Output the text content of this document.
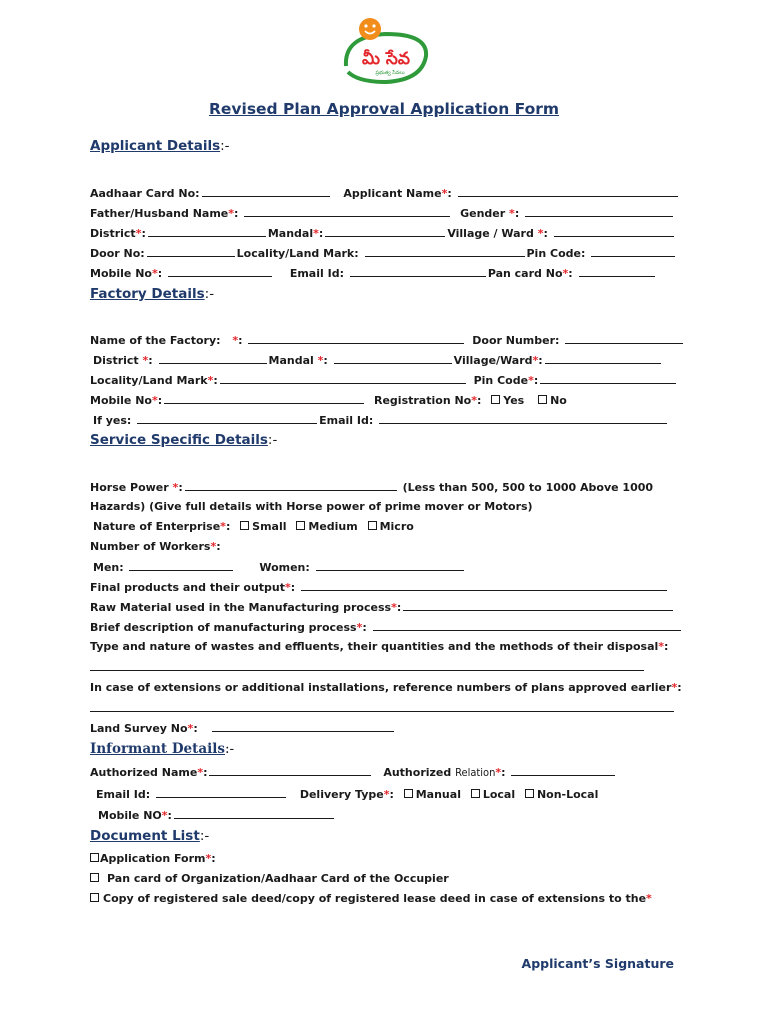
మీ సేవ
ప్రభుత్వ సేవలు
Revised Plan Approval Application Form
Applicant Details:-
Aadhaar Card No:	Applicant Name*:
Father/Husband Name*:	Gender *:
District*:	Mandal*:	Village / Ward *:
Door No:	Locality/Land Mark:	Pin Code:
Mobile No*:	Email Id:	Pan card No*:
Factory Details:-
Name of the Factory: *:	Door Number:
District *:	Mandal *:	Village/Ward*:
Locality/Land Mark*:	Pin Code*:
Mobile No*:	Registration No*: Yes No
If yes:	Email Id:
Service Specific Details:-
Horse Power *:	(Less than 500, 500 to 1000 Above 1000
Hazards) (Give full details with Horse power of prime mover or Motors)
Nature of Enterprise*: Small Medium Micro
Number of Workers*:
Men:	Women:
Final products and their output*:
Raw Material used in the Manufacturing process*:
Brief description of manufacturing process*:
Type and nature of wastes and effluents, their quantities and the methods of their disposal*:
In case of extensions or additional installations, reference numbers of plans approved earlier*:
Land Survey No*:
Informant Details:-
Authorized Name*:	Authorized Relation*:
Email Id:	Delivery Type*: Manual Local Non-Local
Mobile NO*:
Document List:-
Application Form*:
Pan card of Organization/Aadhaar Card of the Occupier
Copy of registered sale deed/copy of registered lease deed in case of extensions to the*
Applicant’s Signature
